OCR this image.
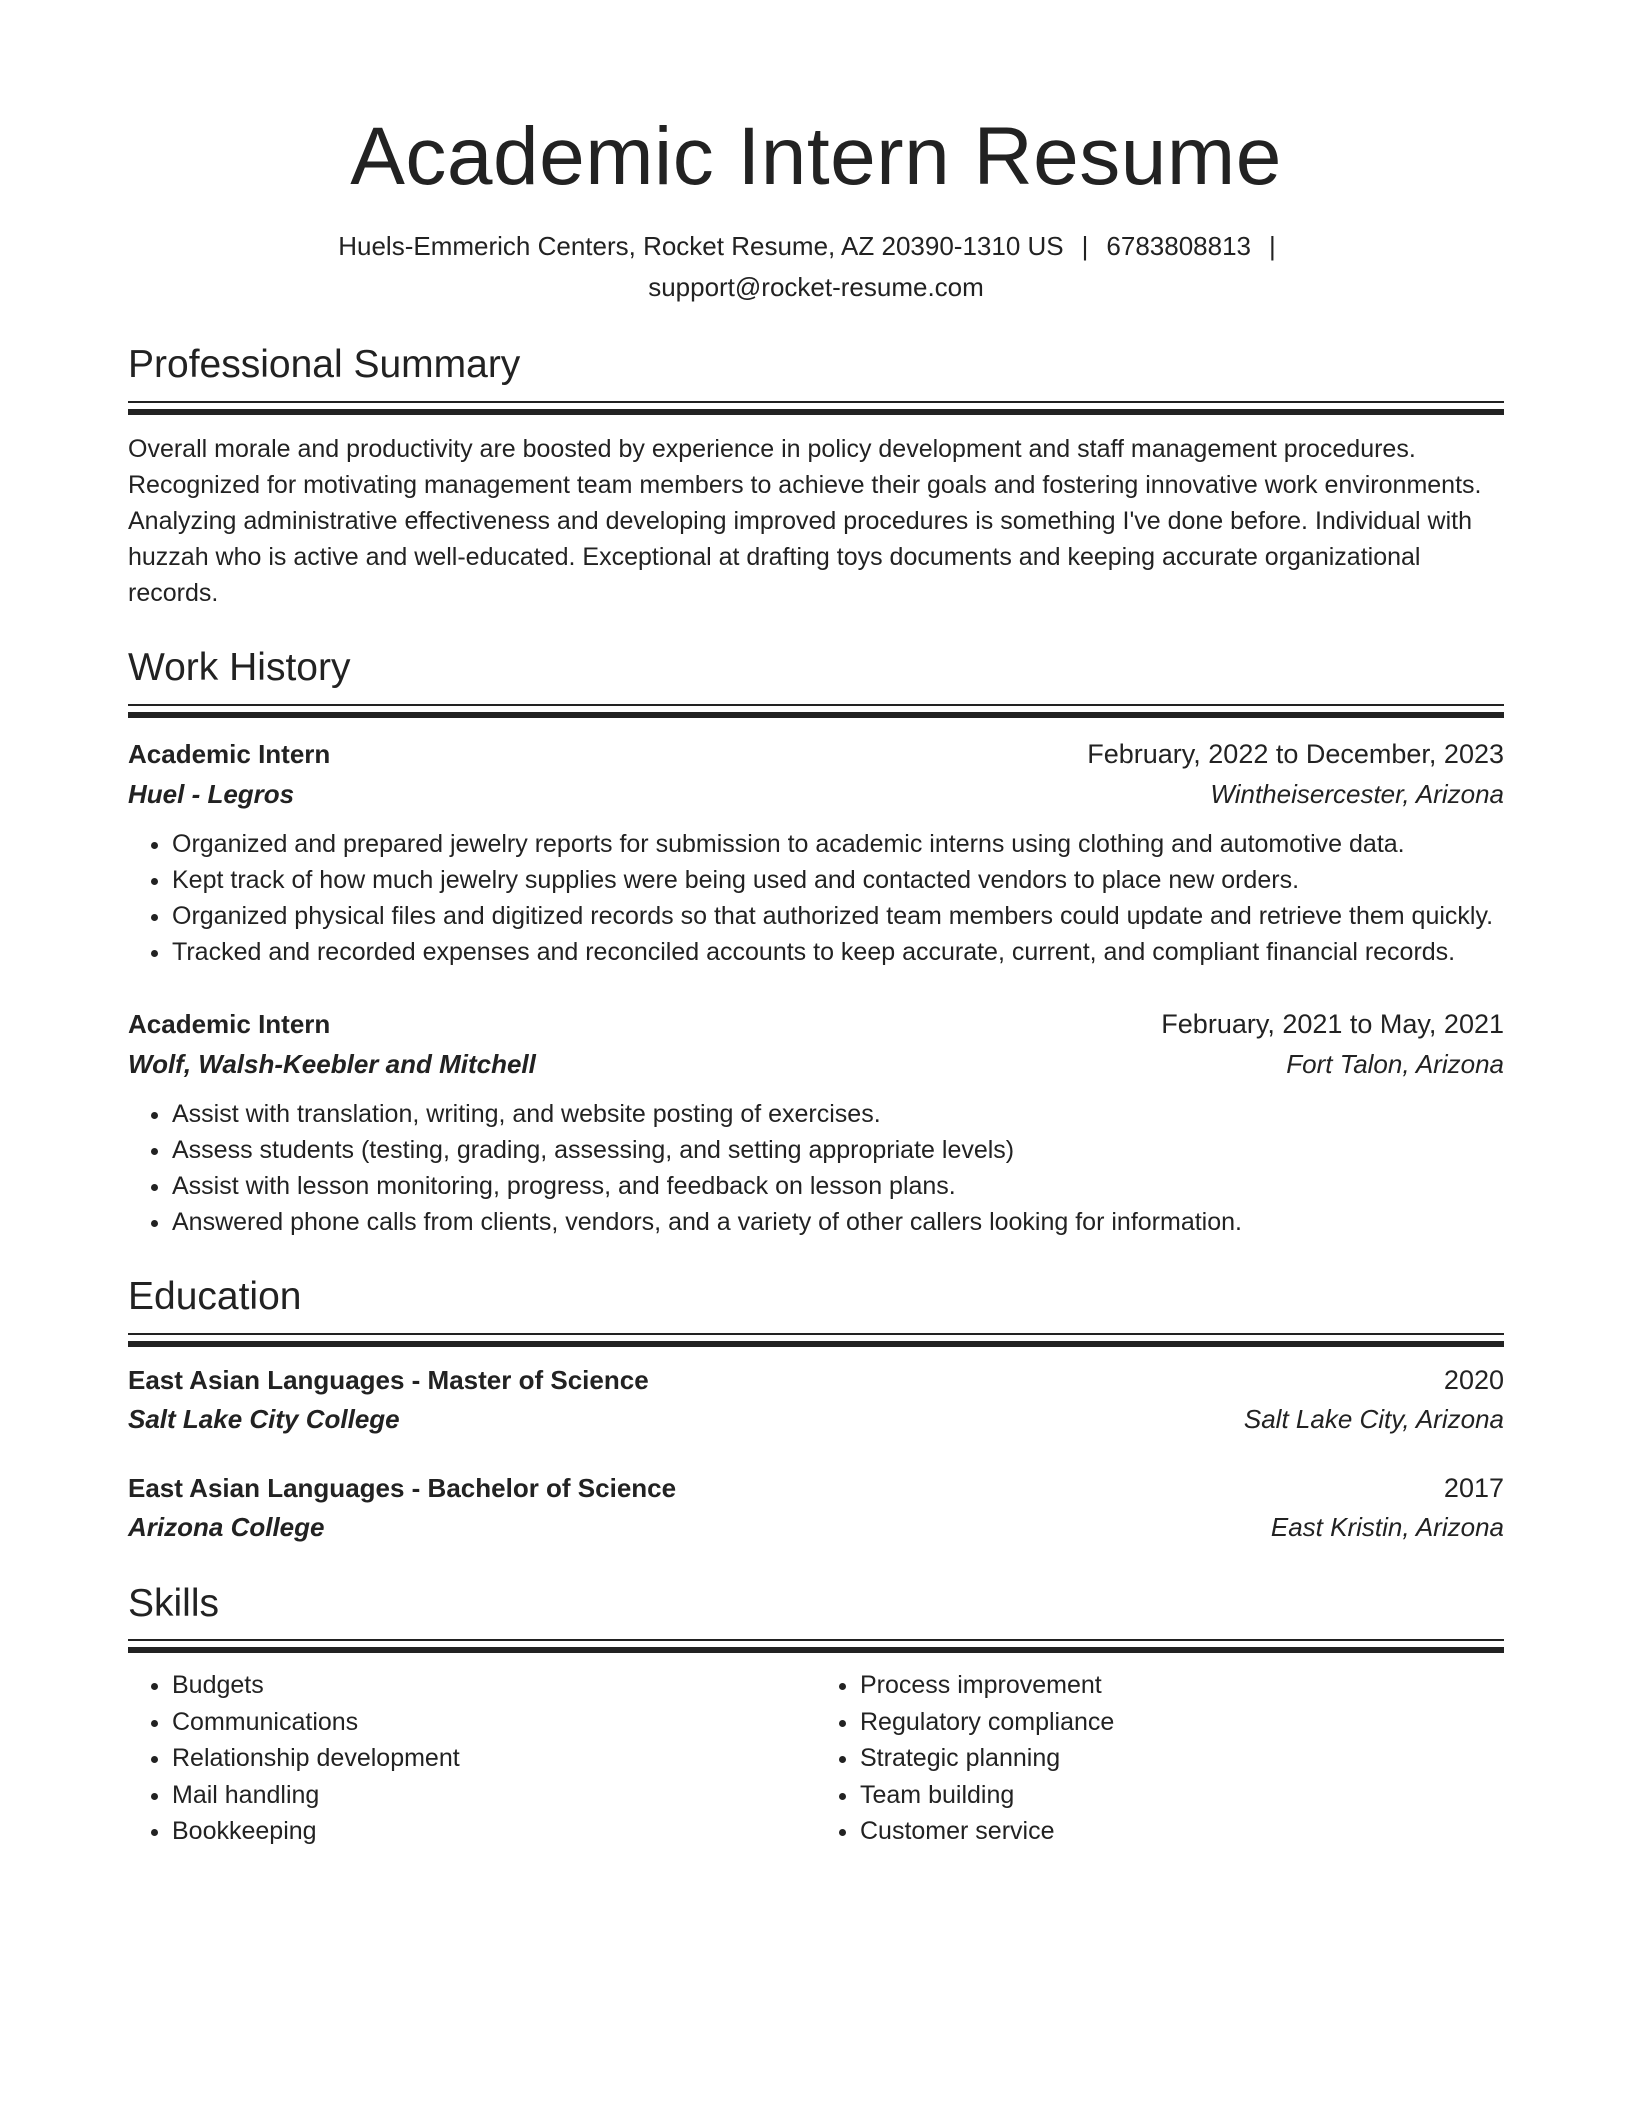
Academic Intern Resume
Huels-Emmerich Centers, Rocket Resume, AZ 20390-1310 US | 6783808813 |
support@rocket-resume.com
Professional Summary
Overall morale and productivity are boosted by experience in policy development and staff management procedures. Recognized for motivating management team members to achieve their goals and fostering innovative work environments. Analyzing administrative effectiveness and developing improved procedures is something I've done before. Individual with huzzah who is active and well-educated. Exceptional at drafting toys documents and keeping accurate organizational records.
Work History
Academic Intern	February, 2022 to December, 2023
Huel - Legros	Wintheisercester, Arizona
• Organized and prepared jewelry reports for submission to academic interns using clothing and automotive data.
• Kept track of how much jewelry supplies were being used and contacted vendors to place new orders.
• Organized physical files and digitized records so that authorized team members could update and retrieve them quickly.
• Tracked and recorded expenses and reconciled accounts to keep accurate, current, and compliant financial records.
Academic Intern	February, 2021 to May, 2021
Wolf, Walsh-Keebler and Mitchell	Fort Talon, Arizona
• Assist with translation, writing, and website posting of exercises.
• Assess students (testing, grading, assessing, and setting appropriate levels)
• Assist with lesson monitoring, progress, and feedback on lesson plans.
• Answered phone calls from clients, vendors, and a variety of other callers looking for information.
Education
East Asian Languages - Master of Science	2020
Salt Lake City College	Salt Lake City, Arizona
East Asian Languages - Bachelor of Science	2017
Arizona College	East Kristin, Arizona
Skills
• Budgets
• Communications
• Relationship development
• Mail handling
• Bookkeeping
• Process improvement
• Regulatory compliance
• Strategic planning
• Team building
• Customer service
